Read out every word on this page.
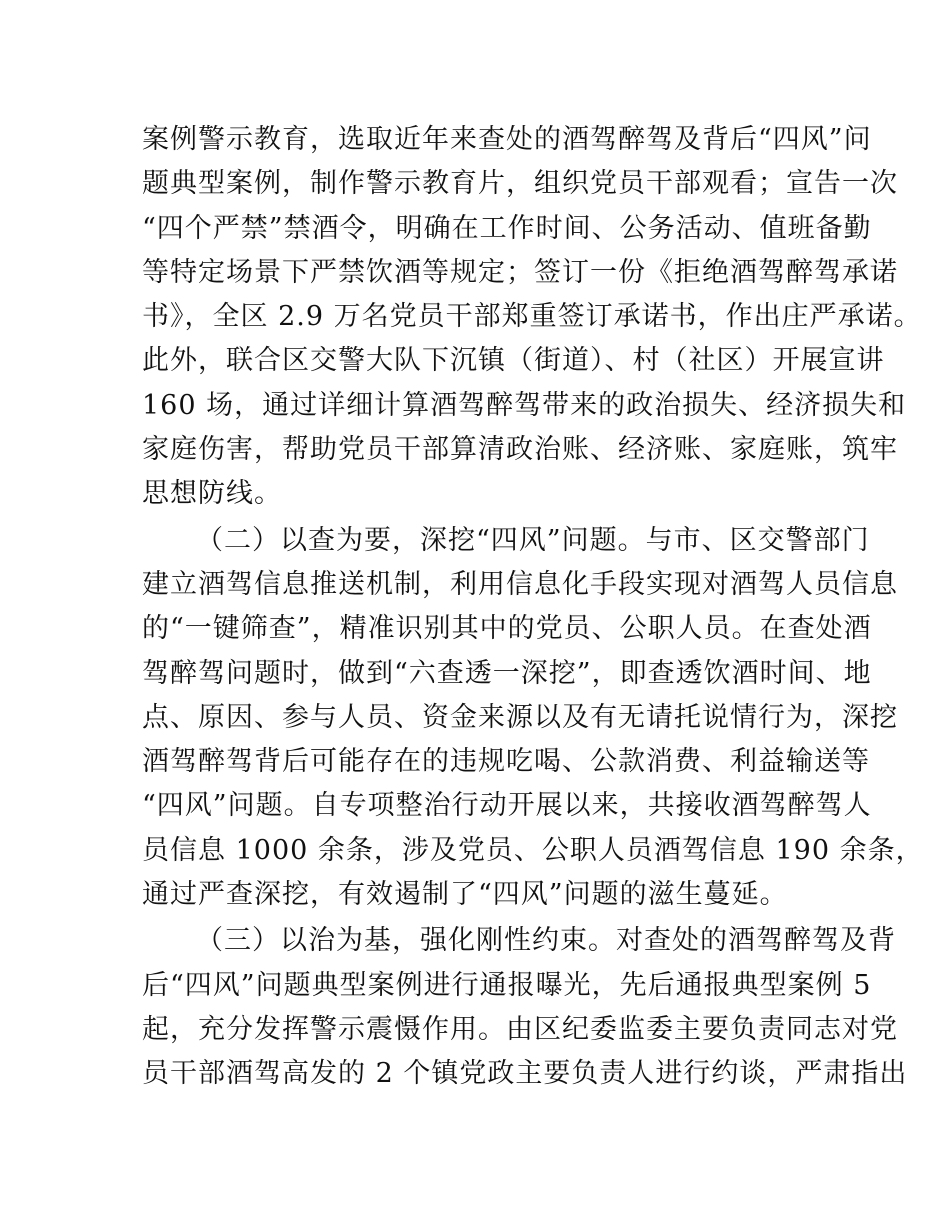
案例警示教育，选取近年来查处的酒驾醉驾及背后“四风”问
题典型案例，制作警示教育片，组织党员干部观看；宣告一次
“四个严禁”禁酒令，明确在工作时间、公务活动、值班备勤
等特定场景下严禁饮酒等规定；签订一份《拒绝酒驾醉驾承诺
书》，全区 2.9 万名党员干部郑重签订承诺书，作出庄严承诺。
此外，联合区交警大队下沉镇（街道）、村（社区）开展宣讲
160 场，通过详细计算酒驾醉驾带来的政治损失、经济损失和
家庭伤害，帮助党员干部算清政治账、经济账、家庭账，筑牢
思想防线。
（二）以查为要，深挖“四风”问题。与市、区交警部门
建立酒驾信息推送机制，利用信息化手段实现对酒驾人员信息
的“一键筛查”，精准识别其中的党员、公职人员。在查处酒
驾醉驾问题时，做到“六查透一深挖”，即查透饮酒时间、地
点、原因、参与人员、资金来源以及有无请托说情行为，深挖
酒驾醉驾背后可能存在的违规吃喝、公款消费、利益输送等
“四风”问题。自专项整治行动开展以来，共接收酒驾醉驾人
员信息 1000 余条，涉及党员、公职人员酒驾信息 190 余条，
通过严查深挖，有效遏制了“四风”问题的滋生蔓延。
（三）以治为基，强化刚性约束。对查处的酒驾醉驾及背
后“四风”问题典型案例进行通报曝光，先后通报典型案例 5
起，充分发挥警示震慑作用。由区纪委监委主要负责同志对党
员干部酒驾高发的 2 个镇党政主要负责人进行约谈，严肃指出
